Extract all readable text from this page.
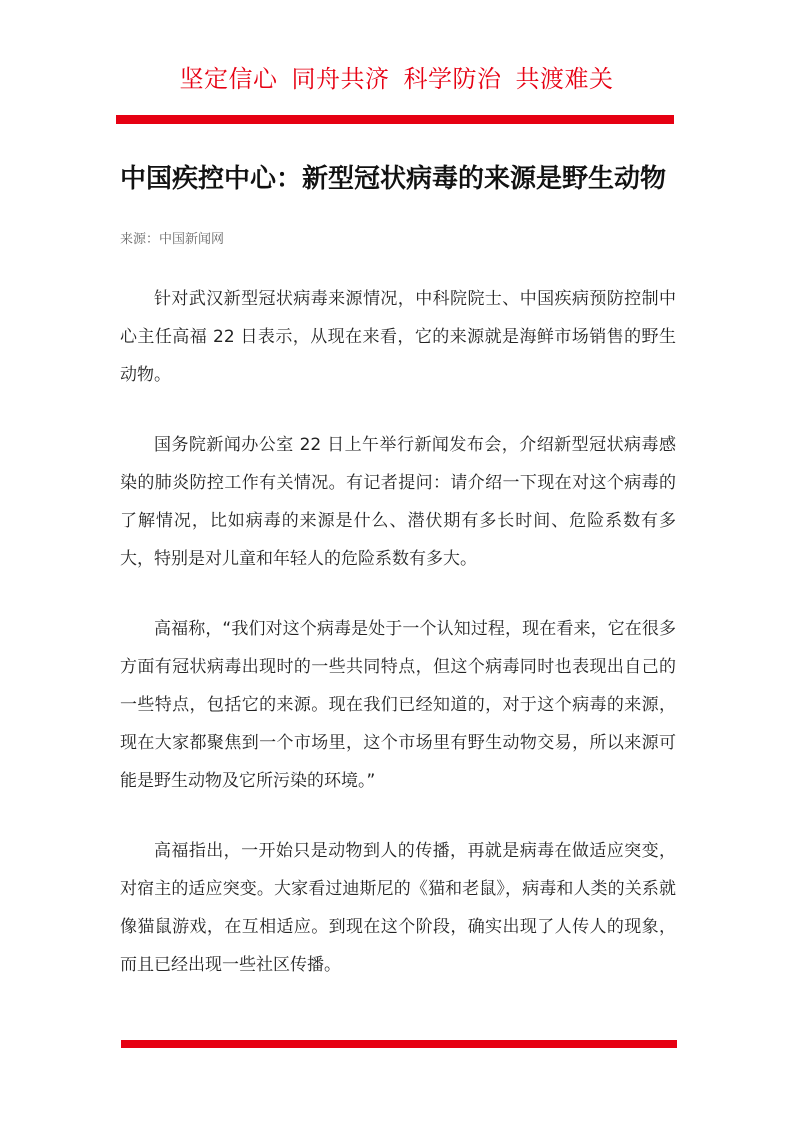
坚定信心 同舟共济 科学防治 共渡难关
中国疾控中心：新型冠状病毒的来源是野生动物
来源：中国新闻网

针对武汉新型冠状病毒来源情况，中科院院士、中国疾病预防控制中心主任高福 22 日表示，从现在来看，它的来源就是海鲜市场销售的野生动物。

国务院新闻办公室 22 日上午举行新闻发布会，介绍新型冠状病毒感染的肺炎防控工作有关情况。有记者提问：请介绍一下现在对这个病毒的了解情况，比如病毒的来源是什么、潜伏期有多长时间、危险系数有多大，特别是对儿童和年轻人的危险系数有多大。

高福称，“我们对这个病毒是处于一个认知过程，现在看来，它在很多方面有冠状病毒出现时的一些共同特点，但这个病毒同时也表现出自己的一些特点，包括它的来源。现在我们已经知道的，对于这个病毒的来源，现在大家都聚焦到一个市场里，这个市场里有野生动物交易，所以来源可能是野生动物及它所污染的环境。”

高福指出，一开始只是动物到人的传播，再就是病毒在做适应突变，对宿主的适应突变。大家看过迪斯尼的《猫和老鼠》，病毒和人类的关系就像猫鼠游戏，在互相适应。到现在这个阶段，确实出现了人传人的现象，而且已经出现一些社区传播。
